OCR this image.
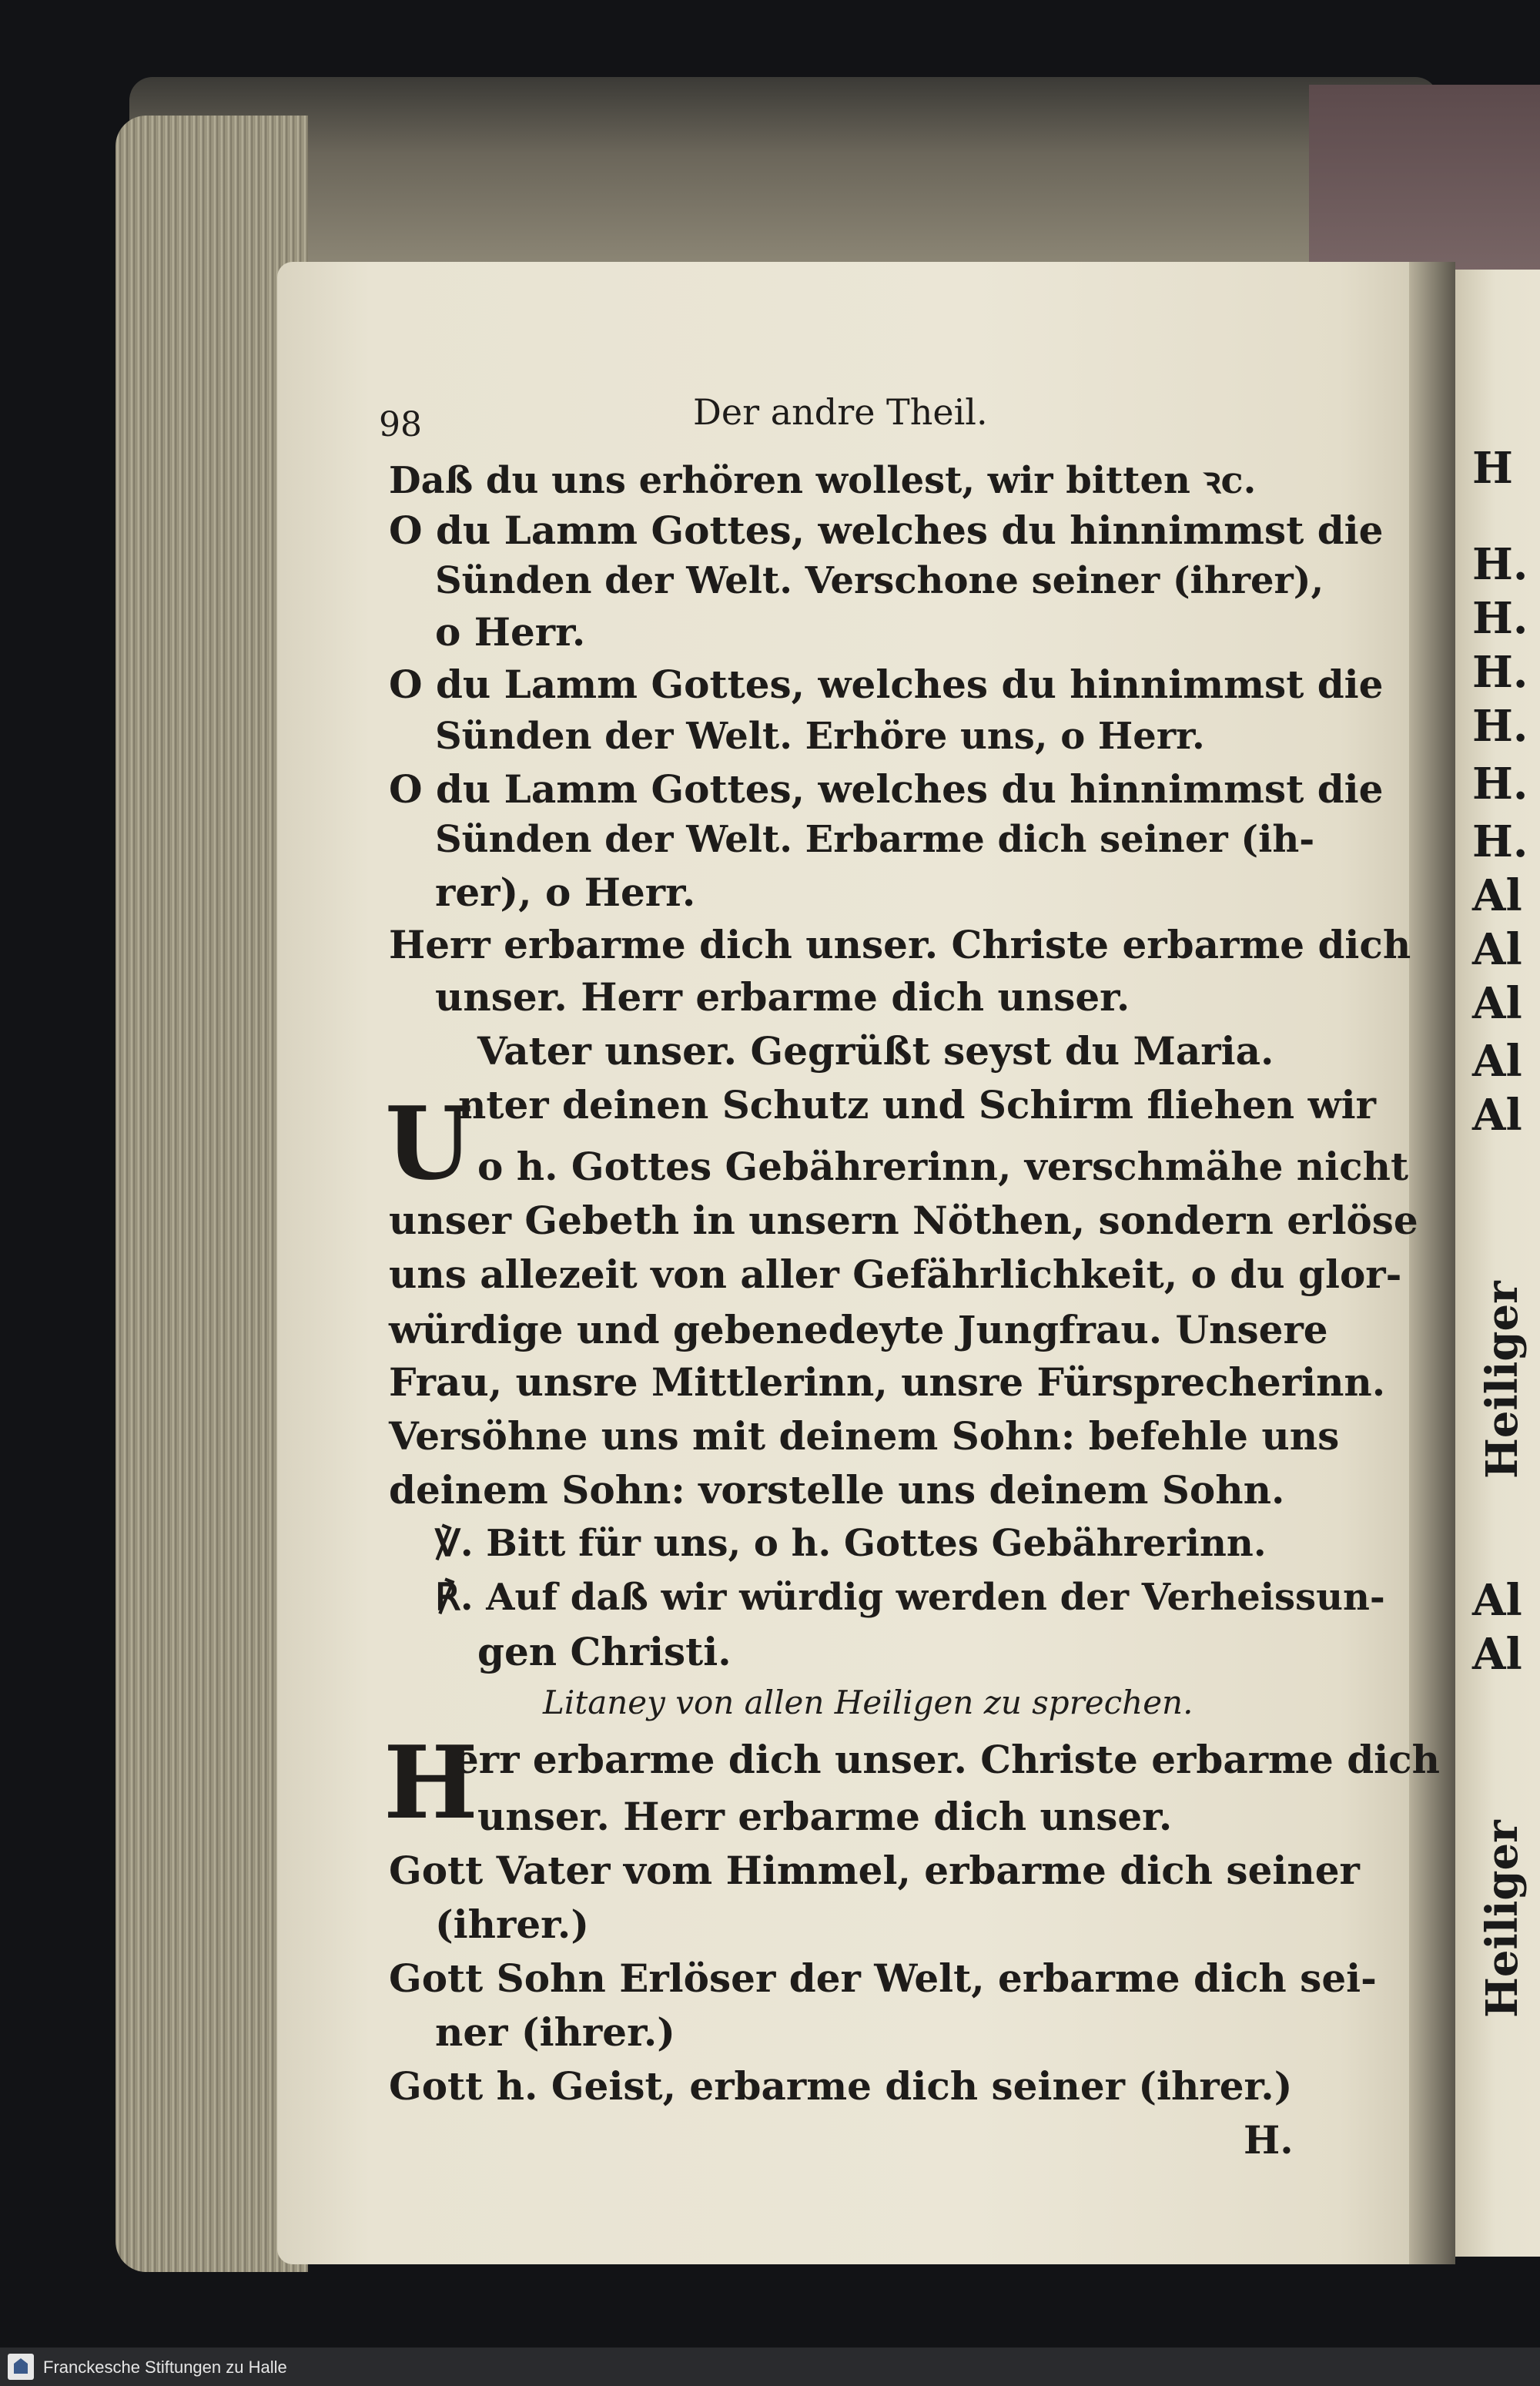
98	Der andre Theil.
Daß du uns erhören wollest, wir bitten ꝛc.
O du Lamm Gottes, welches du hinnimmst die
Sünden der Welt. Verschone seiner (ihrer),
o Herr.
O du Lamm Gottes, welches du hinnimmst die
Sünden der Welt. Erhöre uns, o Herr.
O du Lamm Gottes, welches du hinnimmst die
Sünden der Welt. Erbarme dich seiner (ih-
rer), o Herr.
Herr erbarme dich unser. Christe erbarme dich
unser. Herr erbarme dich unser.
Vater unser. Gegrüßt seyst du Maria.
U
nter deinen Schutz und Schirm fliehen wir
o h. Gottes Gebährerinn, verschmähe nicht
unser Gebeth in unsern Nöthen, sondern erlöse
uns allezeit von aller Gefährlichkeit, o du glor-
würdige und gebenedeyte Jungfrau. Unsere
Frau, unsre Mittlerinn, unsre Fürsprecherinn.
Versöhne uns mit deinem Sohn: befehle uns
deinem Sohn: vorstelle uns deinem Sohn.
℣. Bitt für uns, o h. Gottes Gebährerinn.
℟. Auf daß wir würdig werden der Verheissun-
gen Christi.
Litaney von allen Heiligen zu sprechen.
H
err erbarme dich unser. Christe erbarme dich
unser. Herr erbarme dich unser.
Gott Vater vom Himmel, erbarme dich seiner
(ihrer.)
Gott Sohn Erlöser der Welt, erbarme dich sei-
ner (ihrer.)
Gott h. Geist, erbarme dich seiner (ihrer.)
H.
H
H.
H.
H.
H.
H.
H.
Al
Al
Al
Al
Al
Al
Al
Heiliger
Heiliger
Franckesche Stiftungen zu Halle
